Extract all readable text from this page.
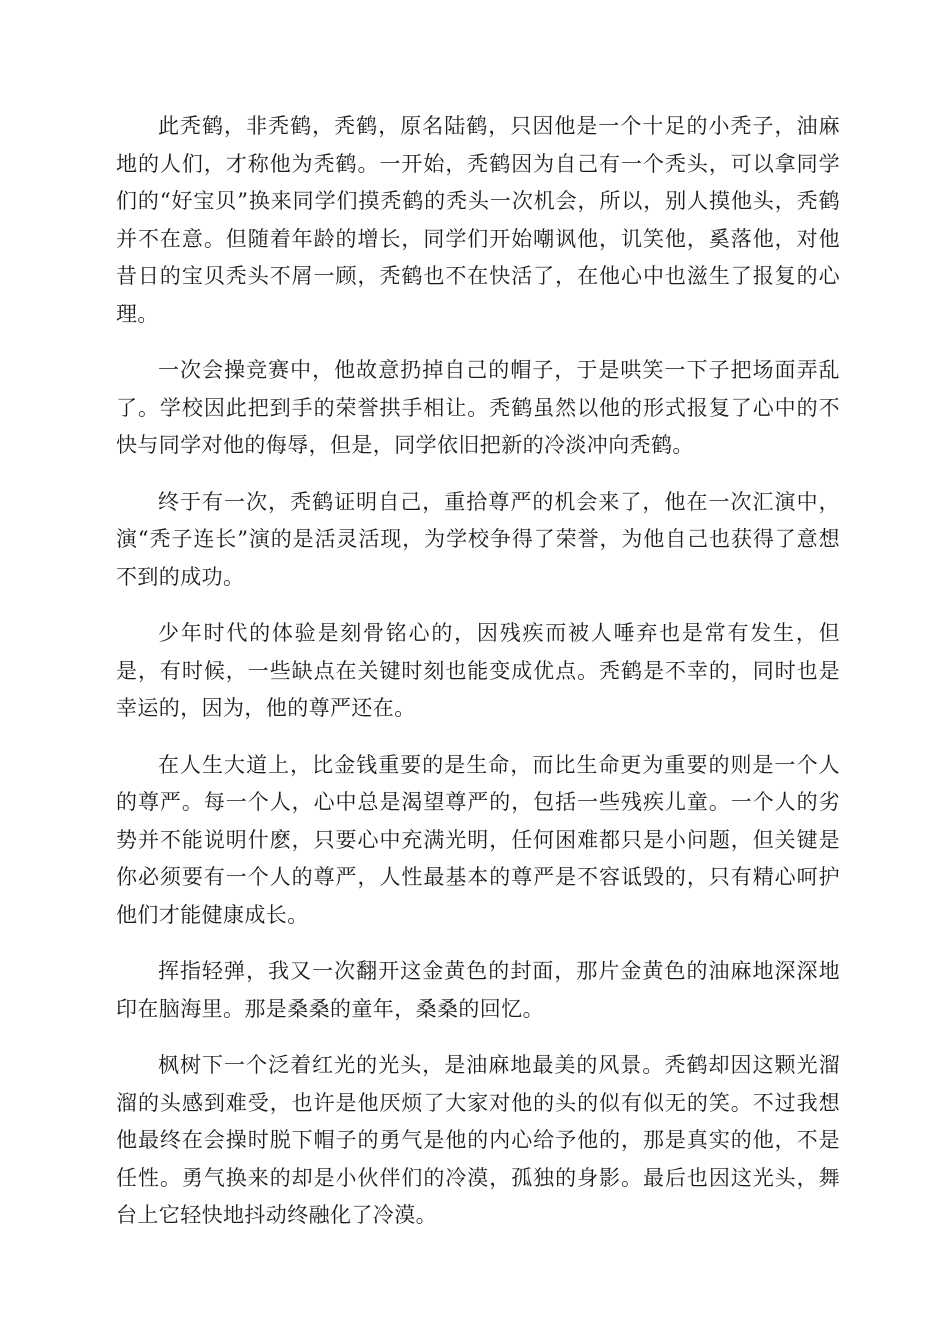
此秃鹤，非秃鹤，秃鹤，原名陆鹤，只因他是一个十足的小秃子，油麻地的人们，才称他为秃鹤。一开始，秃鹤因为自己有一个秃头，可以拿同学们的“好宝贝”换来同学们摸秃鹤的秃头一次机会，所以，别人摸他头，秃鹤并不在意。但随着年龄的增长，同学们开始嘲讽他，讥笑他，奚落他，对他昔日的宝贝秃头不屑一顾，秃鹤也不在快活了，在他心中也滋生了报复的心理。

一次会操竞赛中，他故意扔掉自己的帽子，于是哄笑一下子把场面弄乱了。学校因此把到手的荣誉拱手相让。秃鹤虽然以他的形式报复了心中的不快与同学对他的侮辱，但是，同学依旧把新的冷淡冲向秃鹤。

终于有一次，秃鹤证明自己，重拾尊严的机会来了，他在一次汇演中，演“秃子连长”演的是活灵活现，为学校争得了荣誉，为他自己也获得了意想不到的成功。

少年时代的体验是刻骨铭心的，因残疾而被人唾弃也是常有发生，但是，有时候，一些缺点在关键时刻也能变成优点。秃鹤是不幸的，同时也是幸运的，因为，他的尊严还在。

在人生大道上，比金钱重要的是生命，而比生命更为重要的则是一个人的尊严。每一个人，心中总是渴望尊严的，包括一些残疾儿童。一个人的劣势并不能说明什麽，只要心中充满光明，任何困难都只是小问题，但关键是你必须要有一个人的尊严，人性最基本的尊严是不容诋毁的，只有精心呵护他们才能健康成长。

挥指轻弹，我又一次翻开这金黄色的封面，那片金黄色的油麻地深深地印在脑海里。那是桑桑的童年，桑桑的回忆。

枫树下一个泛着红光的光头，是油麻地最美的风景。秃鹤却因这颗光溜溜的头感到难受，也许是他厌烦了大家对他的头的似有似无的笑。不过我想他最终在会操时脱下帽子的勇气是他的内心给予他的，那是真实的他，不是任性。勇气换来的却是小伙伴们的冷漠，孤独的身影。最后也因这光头，舞台上它轻快地抖动终融化了冷漠。
